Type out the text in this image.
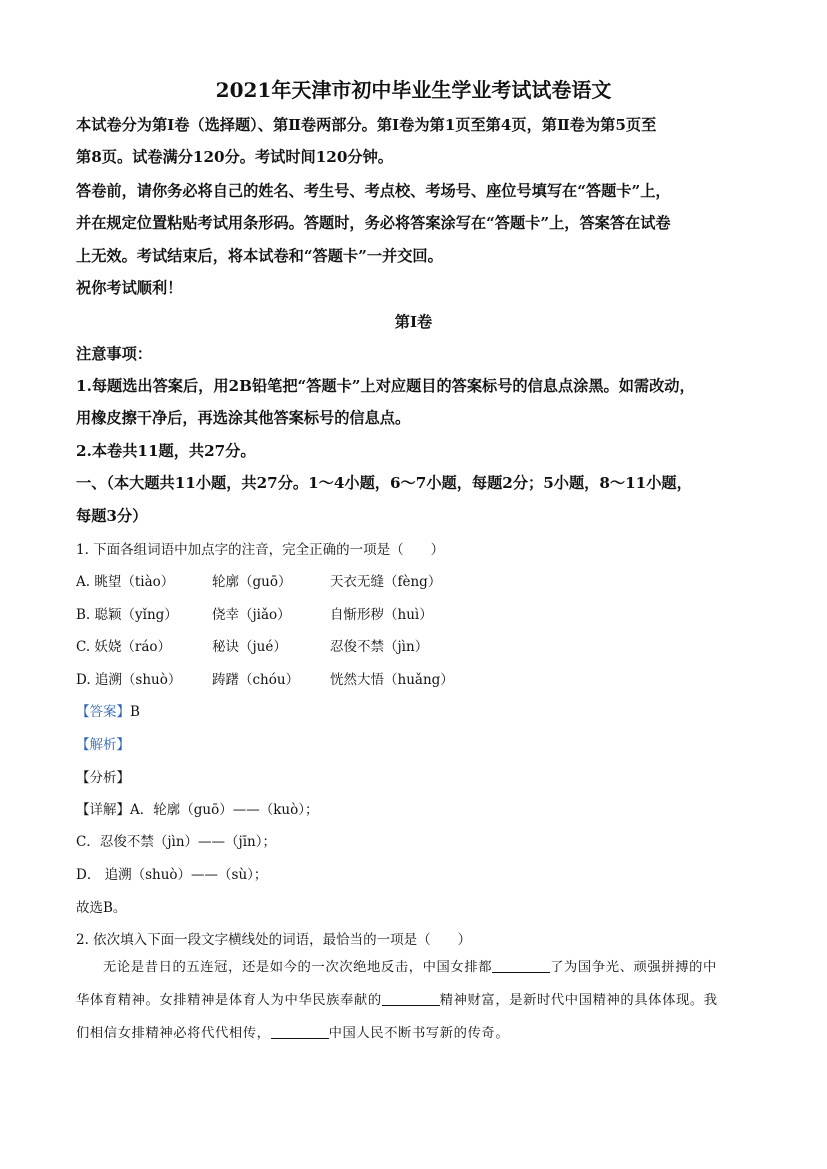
2021年天津市初中毕业生学业考试试卷语文
本试卷分为第Ⅰ卷（选择题）、第Ⅱ卷两部分。第Ⅰ卷为第1页至第4页，第Ⅱ卷为第5页至
第8页。试卷满分120分。考试时间120分钟。
答卷前，请你务必将自己的姓名、考生号、考点校、考场号、座位号填写在“答题卡”上，
并在规定位置粘贴考试用条形码。答题时，务必将答案涂写在“答题卡”上，答案答在试卷
上无效。考试结束后，将本试卷和“答题卡”一并交回。
祝你考试顺利！
第Ⅰ卷
注意事项：
1.每题选出答案后，用2B铅笔把“答题卡”上对应题目的答案标号的信息点涂黑。如需改动，
用橡皮擦干净后，再选涂其他答案标号的信息点。
2.本卷共11题，共27分。
一、（本大题共11小题，共27分。1～4小题，6～7小题，每题2分；5小题，8～11小题，
每题3分）
1. 下面各组词语中加点字的注音，完全正确的一项是（　　）
A. 眺望（tiào）	轮廓（guō）	天衣无缝（fèng）
B. 聪颖（yǐng）	侥幸（jiǎo）	自惭形秽（huì）
C. 妖娆（ráo）	秘诀（jué）	忍俊不禁（jìn）
D. 追溯（shuò） 踌躇（chóu） 恍然大悟（huǎng）
【答案】B
【解析】
【分析】
【详解】A．轮廓（guō）——（kuò）；
C．忍俊不禁（jìn）——（jīn）；
D． 追溯（shuò）——（sù）；
故选B。
2. 依次填入下面一段文字横线处的词语，最恰当的一项是（　　）
无论是昔日的五连冠，还是如今的一次次绝地反击，中国女排都	了为国争光、顽强拼搏的中
华体育精神。女排精神是体育人为中华民族奉献的	精神财富，是新时代中国精神的具体体现。我
们相信女排精神必将代代相传，	中国人民不断书写新的传奇。
